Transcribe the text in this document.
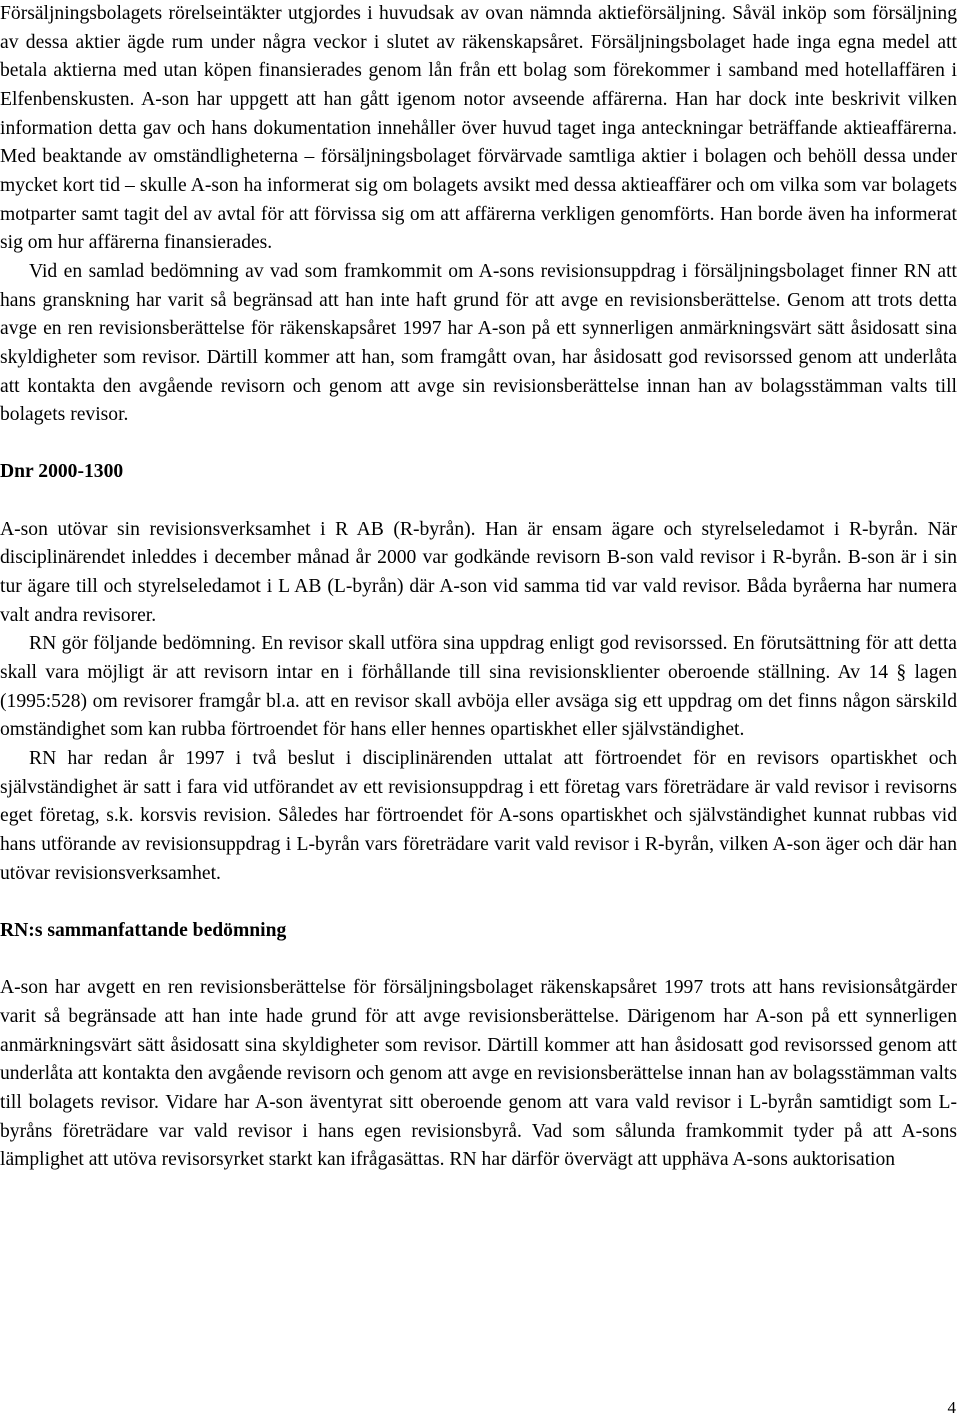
Försäljningsbolagets rörelseintäkter utgjordes i huvudsak av ovan nämnda aktieförsäljning. Såväl inköp som försäljning av dessa aktier ägde rum under några veckor i slutet av räkenskapsåret. Försäljningsbolaget hade inga egna medel att betala aktierna med utan köpen finansierades genom lån från ett bolag som förekommer i samband med hotellaffären i Elfenbenskusten. A-son har uppgett att han gått igenom notor avseende affärerna. Han har dock inte beskrivit vilken information detta gav och hans dokumentation innehåller över huvud taget inga anteckningar beträffande aktieaffärerna. Med beaktande av omständligheterna – försäljningsbolaget förvärvade samtliga aktier i bolagen och behöll dessa under mycket kort tid – skulle A-son ha informerat sig om bolagets avsikt med dessa aktieaffärer och om vilka som var bolagets motparter samt tagit del av avtal för att förvissa sig om att affärerna verkligen genomförts. Han borde även ha informerat sig om hur affärerna finansierades.

Vid en samlad bedömning av vad som framkommit om A-sons revisionsuppdrag i försäljningsbolaget finner RN att hans granskning har varit så begränsad att han inte haft grund för att avge en revisionsberättelse. Genom att trots detta avge en ren revisionsberättelse för räkenskapsåret 1997 har A-son på ett synnerligen anmärkningsvärt sätt åsidosatt sina skyldigheter som revisor. Därtill kommer att han, som framgått ovan, har åsidosatt god revisorssed genom att underlåta att kontakta den avgående revisorn och genom att avge sin revisionsberättelse innan han av bolagsstämman valts till bolagets revisor.

Dnr 2000-1300

A-son utövar sin revisionsverksamhet i R AB (R-byrån). Han är ensam ägare och styrelseledamot i R-byrån. När disciplinärendet inleddes i december månad år 2000 var godkände revisorn B-son vald revisor i R-byrån. B-son är i sin tur ägare till och styrelseledamot i L AB (L-byrån) där A-son vid samma tid var vald revisor. Båda byråerna har numera valt andra revisorer.

RN gör följande bedömning. En revisor skall utföra sina uppdrag enligt god revisorssed. En förutsättning för att detta skall vara möjligt är att revisorn intar en i förhållande till sina revisionsklienter oberoende ställning. Av 14 § lagen (1995:528) om revisorer framgår bl.a. att en revisor skall avböja eller avsäga sig ett uppdrag om det finns någon särskild omständighet som kan rubba förtroendet för hans eller hennes opartiskhet eller självständighet.

RN har redan år 1997 i två beslut i disciplinärenden uttalat att förtroendet för en revisors opartiskhet och självständighet är satt i fara vid utförandet av ett revisionsuppdrag i ett företag vars företrädare är vald revisor i revisorns eget företag, s.k. korsvis revision. Således har förtroendet för A-sons opartiskhet och självständighet kunnat rubbas vid hans utförande av revisionsuppdrag i L-byrån vars företrädare varit vald revisor i R-byrån, vilken A-son äger och där han utövar revisionsverksamhet.

RN:s sammanfattande bedömning

A-son har avgett en ren revisionsberättelse för försäljningsbolaget räkenskapsåret 1997 trots att hans revisionsåtgärder varit så begränsade att han inte hade grund för att avge revisionsberättelse. Därigenom har A-son på ett synnerligen anmärkningsvärt sätt åsidosatt sina skyldigheter som revisor. Därtill kommer att han åsidosatt god revisorssed genom att underlåta att kontakta den avgående revisorn och genom att avge en revisionsberättelse innan han av bolagsstämman valts till bolagets revisor. Vidare har A-son äventyrat sitt oberoende genom att vara vald revisor i L-byrån samtidigt som L-byråns företrädare var vald revisor i hans egen revisionsbyrå. Vad som sålunda framkommit tyder på att A-sons lämplighet att utöva revisorsyrket starkt kan ifrågasättas. RN har därför övervägt att upphäva A-sons auktorisation

4
